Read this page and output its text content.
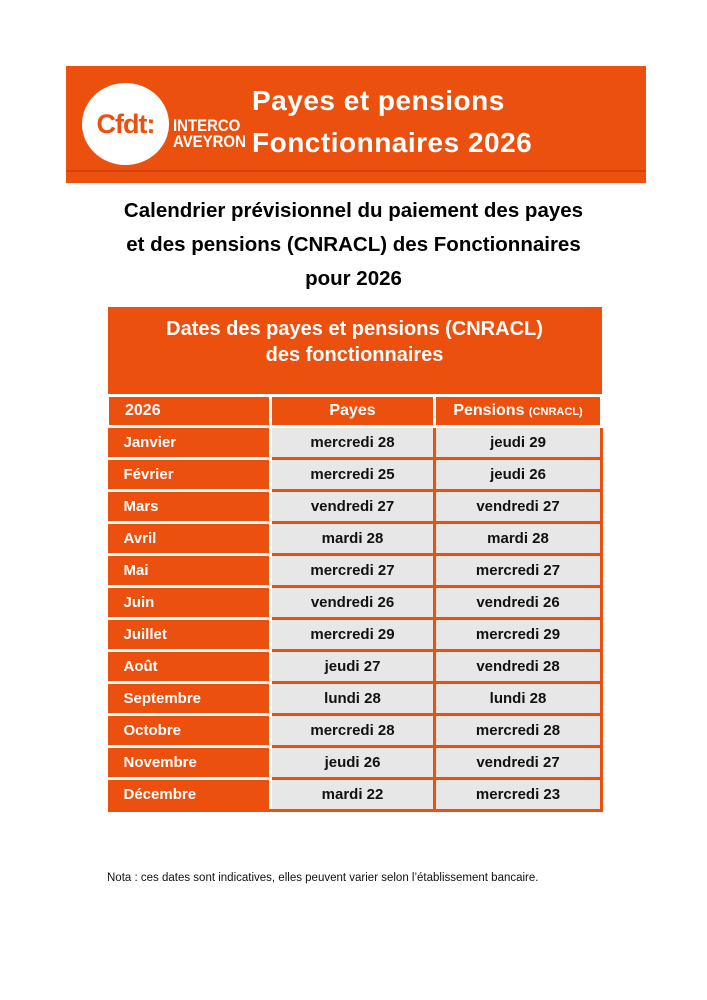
Cfdt: INTERCO
AVEYRON
Payes et pensions
Fonctionnaires 2026
Calendrier prévisionnel du paiement des payes
et des pensions (CNRACL) des Fonctionnaires
pour 2026
Dates des payes et pensions (CNRACL)
des fonctionnaires		

2026	Payes	Pensions (CNRACL)
Janvier	mercredi 28	jeudi 29
Février	mercredi 25	jeudi 26
Mars	vendredi 27	vendredi 27
Avril	mardi 28	mardi 28
Mai	mercredi 27	mercredi 27
Juin	vendredi 26	vendredi 26
Juillet	mercredi 29	mercredi 29
Août	jeudi 27	vendredi 28
Septembre	lundi 28	lundi 28
Octobre	mercredi 28	mercredi 28
Novembre	jeudi 26	vendredi 27
Décembre	mardi 22	mercredi 23
Nota : ces dates sont indicatives, elles peuvent varier selon l’établissement bancaire.
